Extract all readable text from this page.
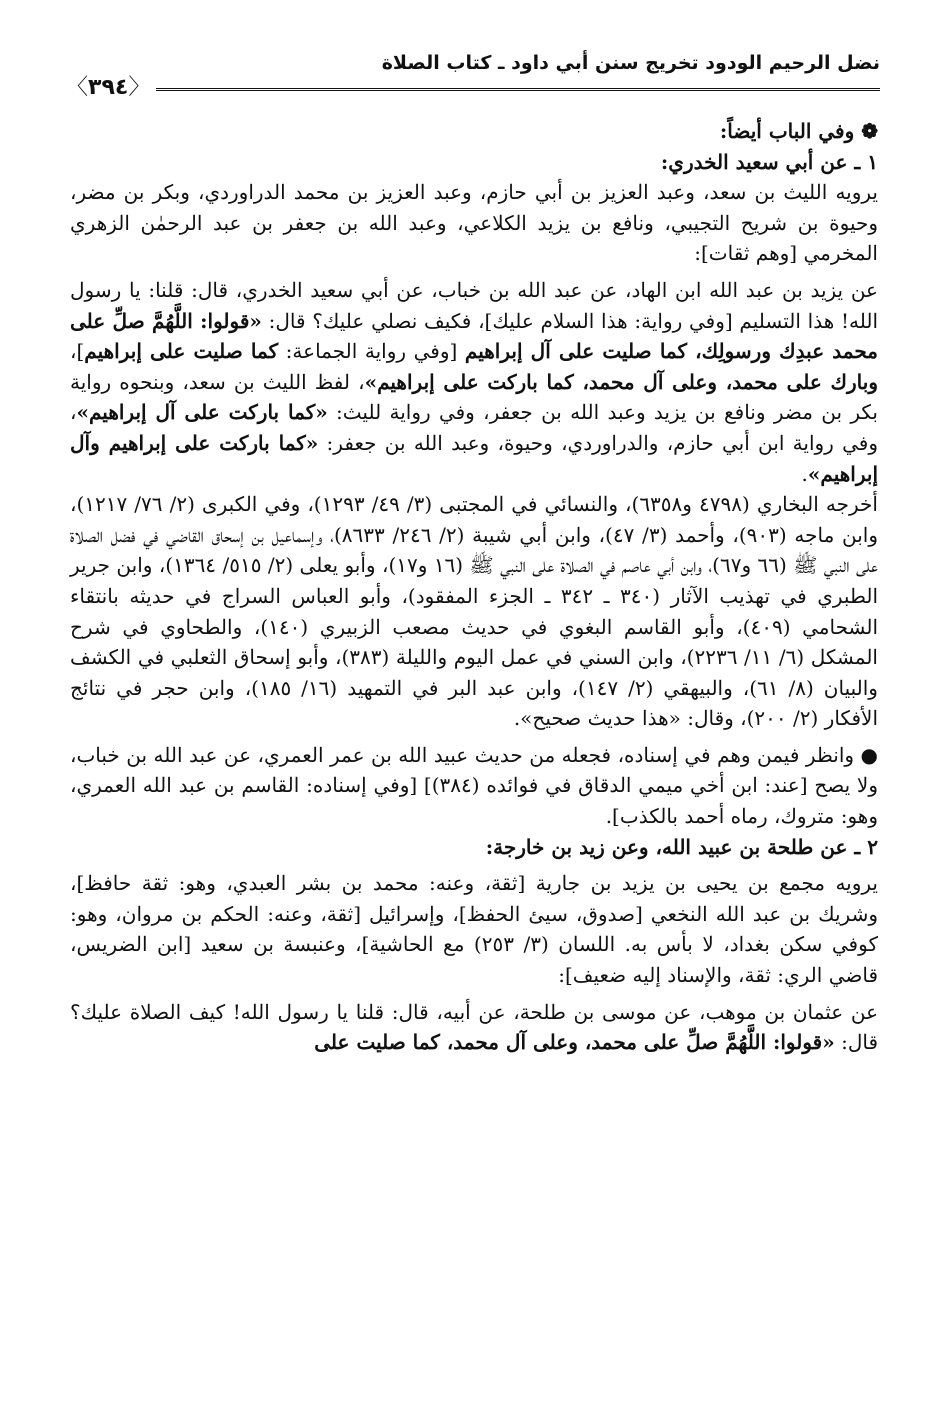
نضل الرحيم الودود تخريج سنن أبي داود ـ كتاب الصلاة
〈٣٩٤〉

❁ وفي الباب أيضاً:

١ ـ عن أبي سعيد الخدري:

يرويه الليث بن سعد، وعبد العزيز بن أبي حازم، وعبد العزيز بن محمد الدراوردي، وبكر بن مضر، وحيوة بن شريح التجيبي، ونافع بن يزيد الكلاعي، وعبد الله بن جعفر بن عبد الرحمٰن الزهري المخرمي [وهم ثقات]:

عن يزيد بن عبد الله ابن الهاد، عن عبد الله بن خباب، عن أبي سعيد الخدري، قال: قلنا: يا رسول الله! هذا التسليم [وفي رواية: هذا السلام عليك]، فكيف نصلي عليك؟ قال: «قولوا: اللَّهُمَّ صلِّ على محمد عبدِك ورسولِك، كما صليت على آل إبراهيم [وفي رواية الجماعة: كما صليت على إبراهيم]، وبارك على محمد، وعلى آل محمد، كما باركت على إبراهيم»، لفظ الليث بن سعد، وبنحوه رواية بكر بن مضر ونافع بن يزيد وعبد الله بن جعفر، وفي رواية لليث: «كما باركت على آل إبراهيم»، وفي رواية ابن أبي حازم، والدراوردي، وحيوة، وعبد الله بن جعفر: «كما باركت على إبراهيم وآل إبراهيم».

أخرجه البخاري (٤٧٩٨ و٦٣٥٨)، والنسائي في المجتبى (٣/ ٤٩/ ١٢٩٣)، وفي الكبرى (٢/ ٧٦/ ١٢١٧)، وابن ماجه (٩٠٣)، وأحمد (٣/ ٤٧)، وابن أبي شيبة (٢/ ٢٤٦/ ٨٦٣٣)، وإسماعيل بن إسحاق القاضي في فضل الصلاة على النبي ﷺ (٦٦ و٦٧)، وابن أبي عاصم في الصلاة على النبي ﷺ (١٦ و١٧)، وأبو يعلى (٢/ ٥١٥/ ١٣٦٤)، وابن جرير الطبري في تهذيب الآثار (٣٤٠ ـ ٣٤٢ ـ الجزء المفقود)، وأبو العباس السراج في حديثه بانتقاء الشحامي (٤٠٩)، وأبو القاسم البغوي في حديث مصعب الزبيري (١٤٠)، والطحاوي في شرح المشكل (٦/ ١١/ ٢٢٣٦)، وابن السني في عمل اليوم والليلة (٣٨٣)، وأبو إسحاق الثعلبي في الكشف والبيان (٨/ ٦١)، والبيهقي (٢/ ١٤٧)، وابن عبد البر في التمهيد (١٦/ ١٨٥)، وابن حجر في نتائج الأفكار (٢/ ٢٠٠)، وقال: «هذا حديث صحيح».

● وانظر فيمن وهم في إسناده، فجعله من حديث عبيد الله بن عمر العمري، عن عبد الله بن خباب، ولا يصح [عند: ابن أخي ميمي الدقاق في فوائده (٣٨٤)] [وفي إسناده: القاسم بن عبد الله العمري، وهو: متروك، رماه أحمد بالكذب].

٢ ـ عن طلحة بن عبيد الله، وعن زيد بن خارجة:

يرويه مجمع بن يحيى بن يزيد بن جارية [ثقة، وعنه: محمد بن بشر العبدي، وهو: ثقة حافظ]، وشريك بن عبد الله النخعي [صدوق، سيئ الحفظ]، وإسرائيل [ثقة، وعنه: الحكم بن مروان، وهو: كوفي سكن بغداد، لا بأس به. اللسان (٣/ ٢٥٣) مع الحاشية]، وعنبسة بن سعيد [ابن الضريس، قاضي الري: ثقة، والإسناد إليه ضعيف]:

عن عثمان بن موهب، عن موسى بن طلحة، عن أبيه، قال: قلنا يا رسول الله! كيف الصلاة عليك؟ قال: «قولوا: اللَّهُمَّ صلِّ على محمد، وعلى آل محمد، كما صليت على
